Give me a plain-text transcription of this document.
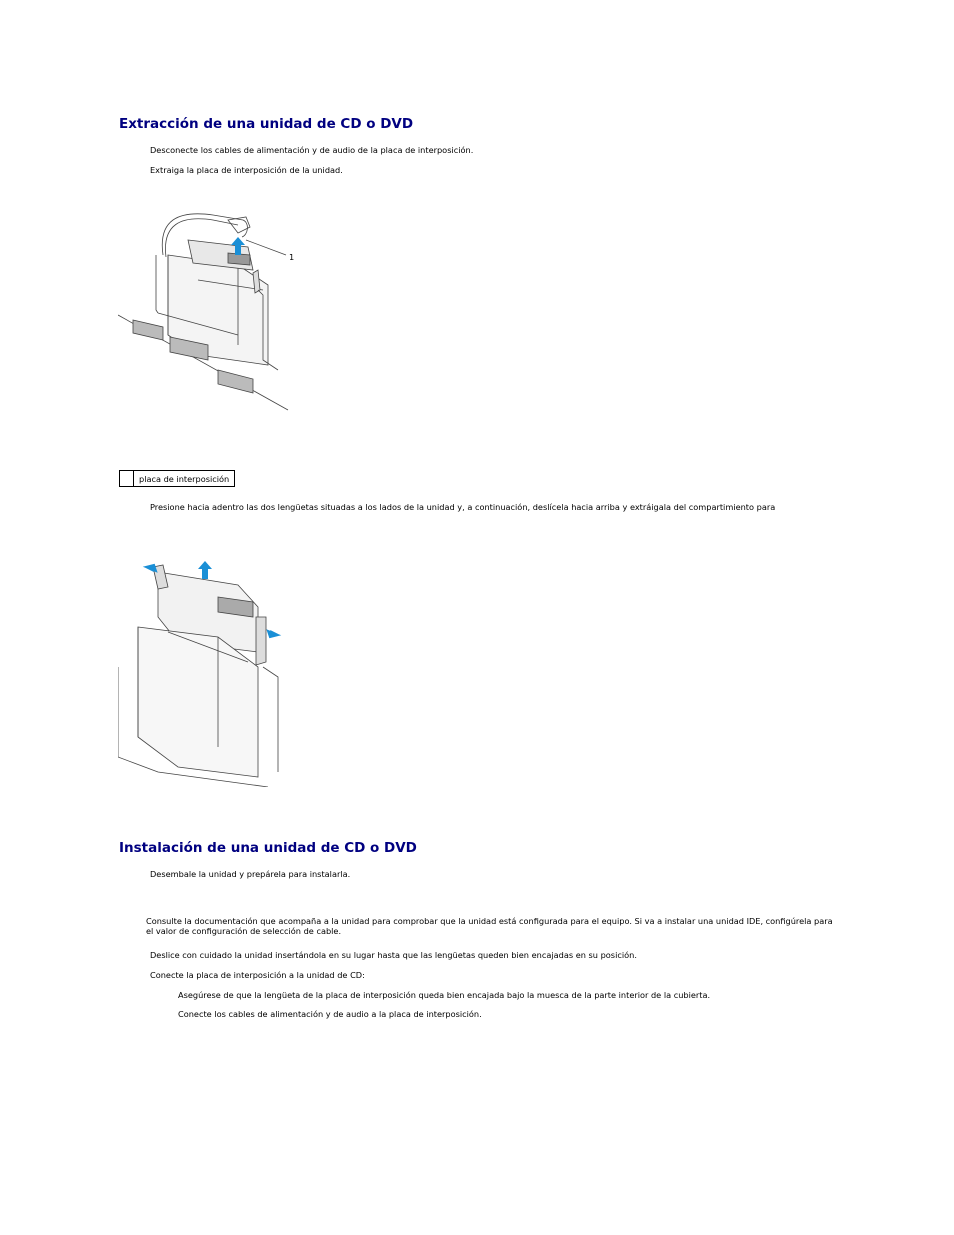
Extracción de una unidad de CD o DVD
Desconecte los cables de alimentación y de audio de la placa de interposición.
Extraiga la placa de interposición de la unidad.
1
	placa de interposición
Presione hacia adentro las dos lengüetas situadas a los lados de la unidad y, a continuación, deslícela hacia arriba y extráigala del compartimiento para
Instalación de una unidad de CD o DVD
Desembale la unidad y prepárela para instalarla.
Consulte la documentación que acompaña a la unidad para comprobar que la unidad está configurada para el equipo. Si va a instalar una unidad IDE, configúrela para el valor de configuración de selección de cable.
Deslice con cuidado la unidad insertándola en su lugar hasta que las lengüetas queden bien encajadas en su posición.
Conecte la placa de interposición a la unidad de CD:
Asegúrese de que la lengüeta de la placa de interposición queda bien encajada bajo la muesca de la parte interior de la cubierta.
Conecte los cables de alimentación y de audio a la placa de interposición.
